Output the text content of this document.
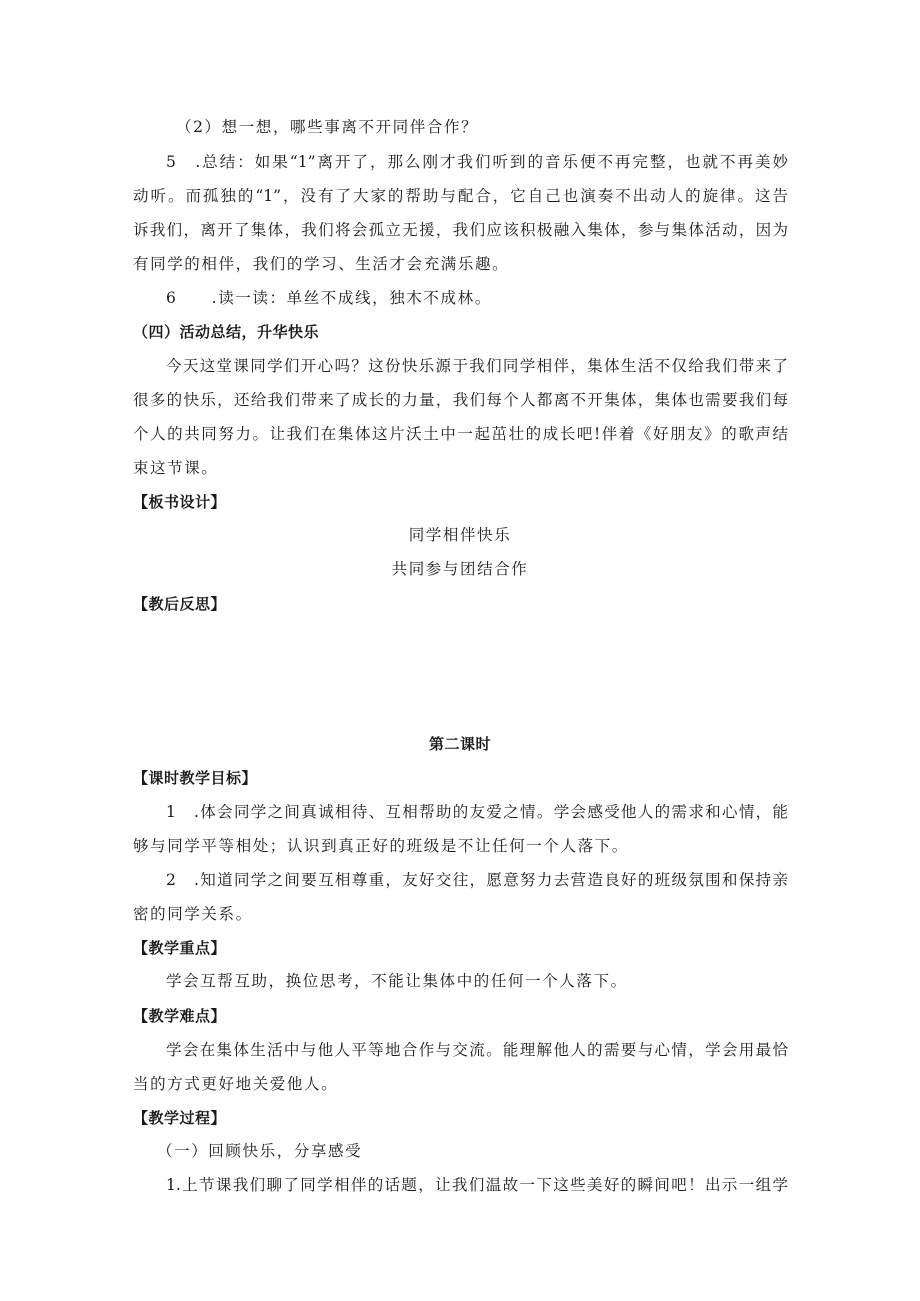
（2）想一想，哪些事离不开同伴合作？
5　.总结：如果“1”离开了，那么刚才我们听到的音乐便不再完整，也就不再美妙
动听。而孤独的“1”，没有了大家的帮助与配合，它自己也演奏不出动人的旋律。这告
诉我们，离开了集体，我们将会孤立无援，我们应该积极融入集体，参与集体活动，因为
有同学的相伴，我们的学习、生活才会充满乐趣。
6　　.读一读：单丝不成线，独木不成林。
（四）活动总结，升华快乐
今天这堂课同学们开心吗？这份快乐源于我们同学相伴，集体生活不仅给我们带来了
很多的快乐，还给我们带来了成长的力量，我们每个人都离不开集体，集体也需要我们每
个人的共同努力。让我们在集体这片沃土中一起茁壮的成长吧!伴着《好朋友》的歌声结
束这节课。
【板书设计】
同学相伴快乐
共同参与团结合作
【教后反思】
第二课时
【课时教学目标】
1　.体会同学之间真诚相待、互相帮助的友爱之情。学会感受他人的需求和心情，能
够与同学平等相处；认识到真正好的班级是不让任何一个人落下。
2　.知道同学之间要互相尊重，友好交往，愿意努力去营造良好的班级氛围和保持亲
密的同学关系。
【教学重点】
学会互帮互助，换位思考，不能让集体中的任何一个人落下。
【教学难点】
学会在集体生活中与他人平等地合作与交流。能理解他人的需要与心情，学会用最恰
当的方式更好地关爱他人。
【教学过程】
（一）回顾快乐，分享感受
1.上节课我们聊了同学相伴的话题，让我们温故一下这些美好的瞬间吧！出示一组学
